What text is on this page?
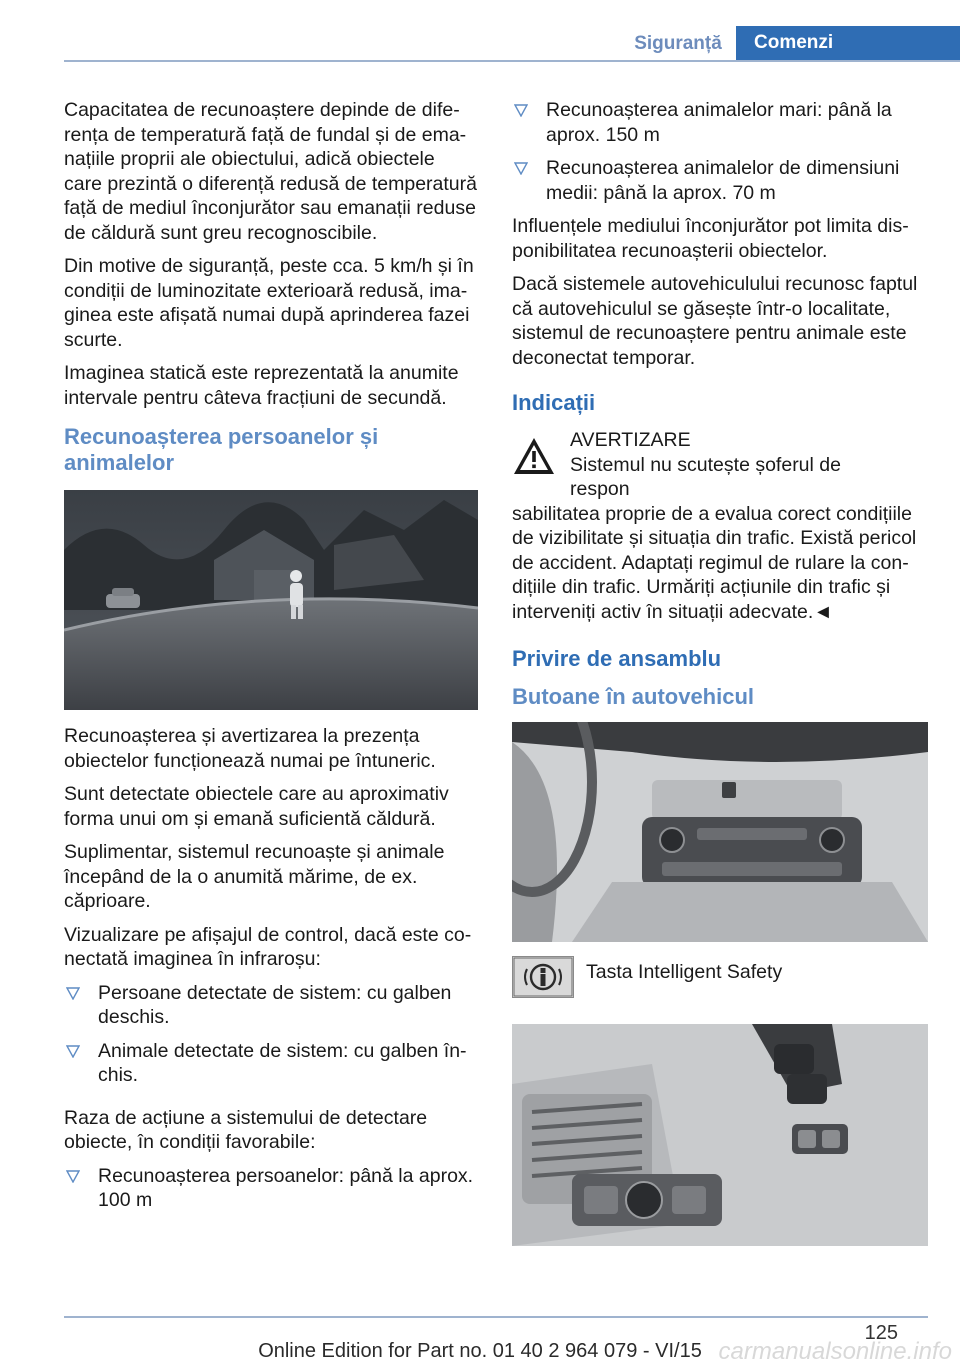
Siguranță	Comenzi

Capacitatea de recunoaștere depinde de diferența de temperatură față de fundal și de emanațiile proprii ale obiectului, adică obiectele care prezintă o diferență redusă de temperatură față de mediul înconjurător sau emanații reduse de căldură sunt greu recognoscibile.

Din motive de siguranță, peste cca. 5 km/h și în condiții de luminozitate exterioară redusă, imaginea este afișată numai după aprinderea fazei scurte.

Imaginea statică este reprezentată la anumite intervale pentru câteva fracțiuni de secundă.

Recunoașterea persoanelor și animalelor

Recunoașterea și avertizarea la prezența obiectelor funcționează numai pe întuneric.

Sunt detectate obiectele care au aproximativ forma unui om și emană suficientă căldură.

Suplimentar, sistemul recunoaște și animale începând de la o anumită mărime, de ex. căprioare.

Vizualizare pe afișajul de control, dacă este conectată imaginea în infraroșu:

Persoane detectate de sistem: cu galben deschis.
Animale detectate de sistem: cu galben închis.

Raza de acțiune a sistemului de detectare obiecte, în condiții favorabile:

Recunoașterea persoanelor: până la aprox. 100 m
Recunoașterea animalelor mari: până la aprox. 150 m
Recunoașterea animalelor de dimensiuni medii: până la aprox. 70 m

Influențele mediului înconjurător pot limita disponibilitatea recunoașterii obiectelor.

Dacă sistemele autovehiculului recunosc faptul că autovehiculul se găsește într-o localitate, sistemul de recunoaștere pentru animale este deconectat temporar.

Indicații

AVERTIZARE

Sistemul nu scutește șoferul de respon

sabilitatea proprie de a evalua corect condițiile de vizibilitate și situația din trafic. Există pericol de accident. Adaptați regimul de rulare la condițiile din trafic. Urmăriți acțiunile din trafic și interveniți activ în situații adecvate.◄

Privire de ansamblu
Butoane în autovehicul

Tasta Intelligent Safety

125
Online Edition for Part no. 01 40 2 964 079 - VI/15 carmanualsonline.info
